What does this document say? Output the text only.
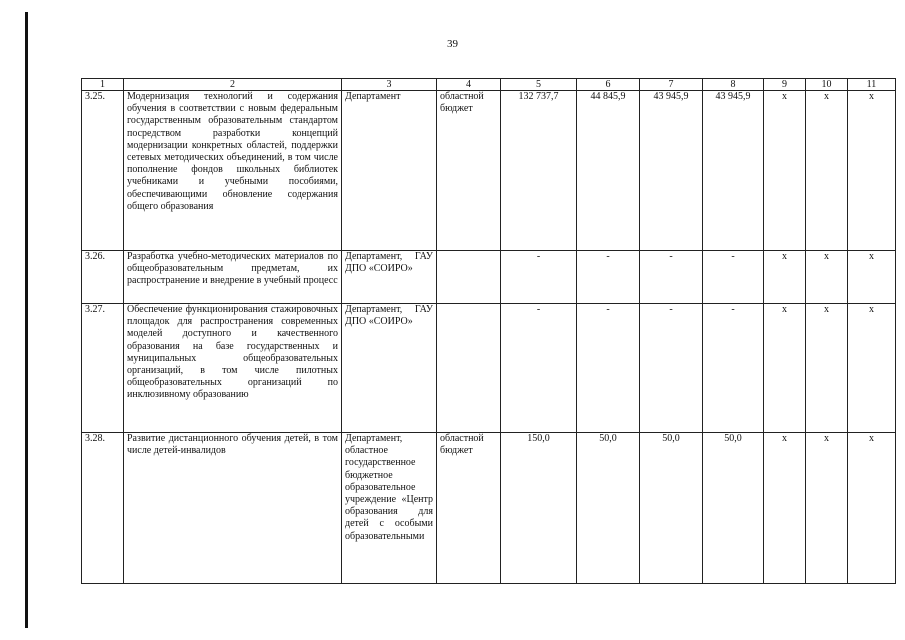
39
1	2	3	4	5	6	7	8	9	10	11
3.25.	Модернизация технологий и содержания обучения в соответствии с новым федеральным государственным образовательным стандартом посредством разработки концепций модернизации конкретных областей, поддержки сетевых методических объединений, в том числе пополнение фондов школьных библиотек учебниками и учебными пособиями, обеспечивающими обновление содержания общего образования	Департамент	областной бюджет	132 737,7	44 845,9	43 945,9	43 945,9	x	x	x
3.26.	Разработка учебно-методических материалов по общеобразовательным предметам, их распространение и внедрение в учебный процесс	Департамент, ГАУ ДПО «СОИРО»		-	-	-	-	x	x	x
3.27.	Обеспечение функционирования стажировочных площадок для распространения современных моделей доступного и качественного образования на базе государственных и муниципальных общеобразовательных организаций, в том числе пилотных общеобразовательных организаций по инклюзивному образованию	Департамент, ГАУ ДПО «СОИРО»		-	-	-	-	x	x	x
3.28.	Развитие дистанционного обучения детей, в том числе детей-инвалидов	Департамент, областное государственное бюджетное образовательное учреждение «Центр образования для детей с особыми образовательными	областной бюджет	150,0	50,0	50,0	50,0	x	x	x
